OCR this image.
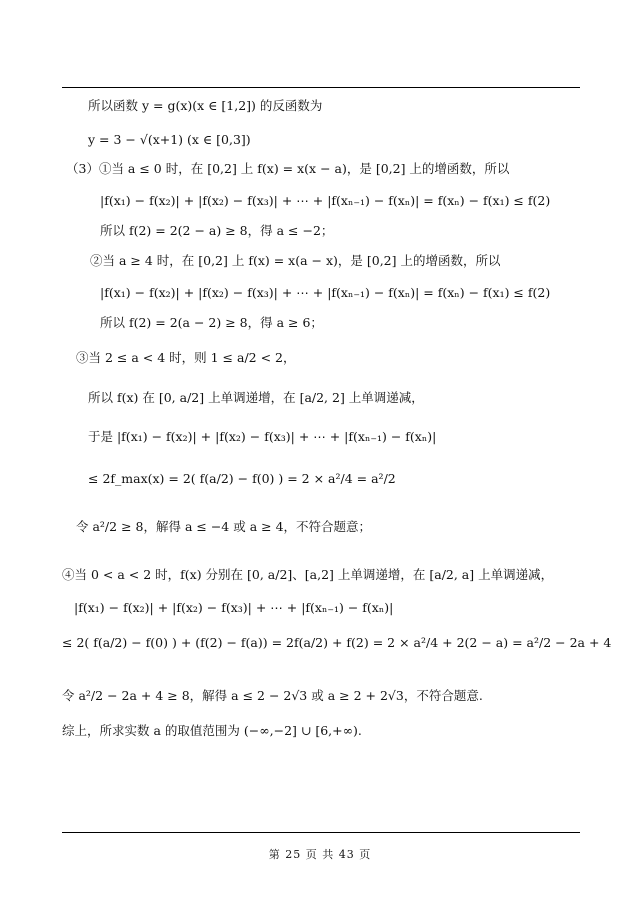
所以函数 y = g(x)(x ∈ [1,2]) 的反函数为
y = 3 − √(x+1) (x ∈ [0,3])
（3）①当 a ≤ 0 时，在 [0,2] 上 f(x) = x(x − a)，是 [0,2] 上的增函数，所以
|f(x₁) − f(x₂)| + |f(x₂) − f(x₃)| + ⋯ + |f(xₙ₋₁) − f(xₙ)| = f(xₙ) − f(x₁) ≤ f(2)
所以 f(2) = 2(2 − a) ≥ 8，得 a ≤ −2；
②当 a ≥ 4 时，在 [0,2] 上 f(x) = x(a − x)，是 [0,2] 上的增函数，所以
|f(x₁) − f(x₂)| + |f(x₂) − f(x₃)| + ⋯ + |f(xₙ₋₁) − f(xₙ)| = f(xₙ) − f(x₁) ≤ f(2)
所以 f(2) = 2(a − 2) ≥ 8，得 a ≥ 6；
③当 2 ≤ a < 4 时，则 1 ≤ a/2 < 2，
所以 f(x) 在 [0, a/2] 上单调递增，在 [a/2, 2] 上单调递减，
于是 |f(x₁) − f(x₂)| + |f(x₂) − f(x₃)| + ⋯ + |f(xₙ₋₁) − f(xₙ)|
≤ 2f_max(x) = 2( f(a/2) − f(0) ) = 2 × a²/4 = a²/2
令 a²/2 ≥ 8，解得 a ≤ −4 或 a ≥ 4，不符合题意；
④当 0 < a < 2 时，f(x) 分别在 [0, a/2]、[a,2] 上单调递增，在 [a/2, a] 上单调递减，
|f(x₁) − f(x₂)| + |f(x₂) − f(x₃)| + ⋯ + |f(xₙ₋₁) − f(xₙ)|
≤ 2( f(a/2) − f(0) ) + (f(2) − f(a)) = 2f(a/2) + f(2) = 2 × a²/4 + 2(2 − a) = a²/2 − 2a + 4
令 a²/2 − 2a + 4 ≥ 8，解得 a ≤ 2 − 2√3 或 a ≥ 2 + 2√3，不符合题意.
综上，所求实数 a 的取值范围为 (−∞,−2] ∪ [6,+∞).
第 25 页 共 43 页
